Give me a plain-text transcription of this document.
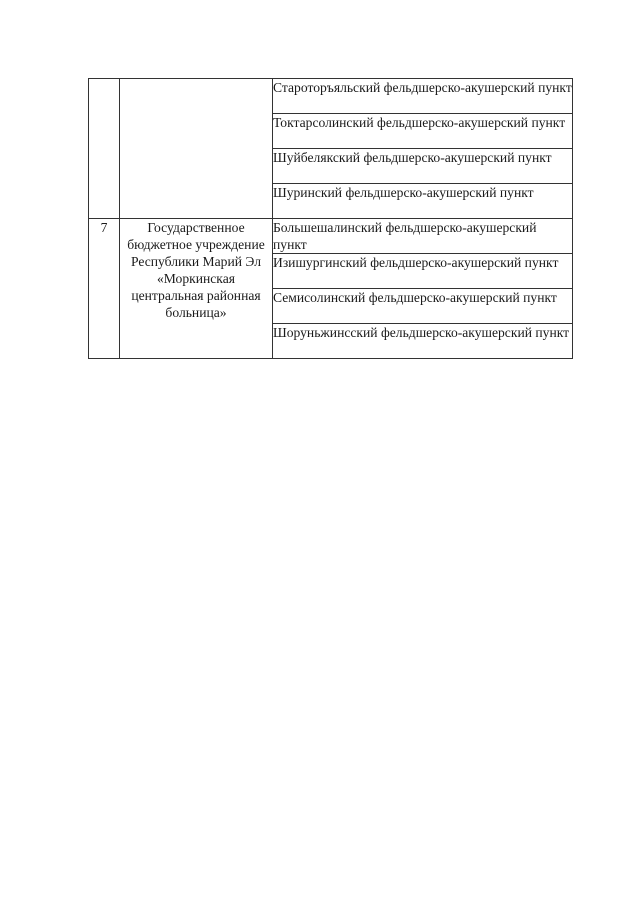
		Староторъяльский фельдшерско-акушерский пункт
		Токтарсолинский фельдшерско-акушерский пункт
		Шуйбелякский фельдшерско-акушерский пункт
		Шуринский фельдшерско-акушерский пункт
7	Государственное бюджетное учреждение Республики Марий Эл «Моркинская центральная районная больница»	Большешалинский фельдшерско-акушерский пункт
		Изишургинский фельдшерско-акушерский пункт
		Семисолинский фельдшерско-акушерский пункт
		Шоруньжинсский фельдшерско-акушерский пункт
